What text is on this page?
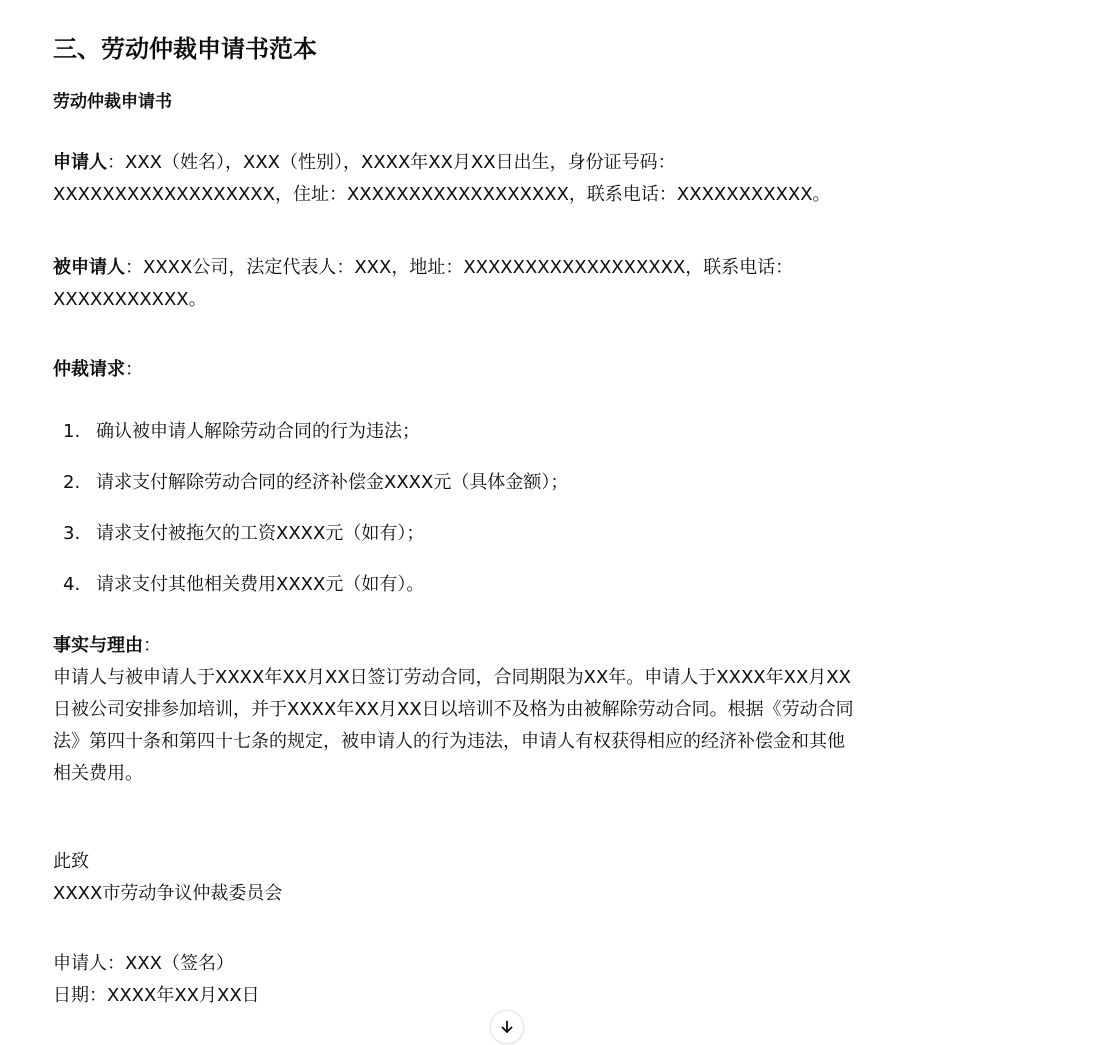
三、劳动仲裁申请书范本
劳动仲裁申请书
申请人：XXX（姓名），XXX（性别），XXXX年XX月XX日出生，身份证号码：
XXXXXXXXXXXXXXXXXX，住址：XXXXXXXXXXXXXXXXXX，联系电话：XXXXXXXXXXX。
被申请人：XXXX公司，法定代表人：XXX，地址：XXXXXXXXXXXXXXXXXX，联系电话：
XXXXXXXXXXX。
仲裁请求：
1. 确认被申请人解除劳动合同的行为违法；
2. 请求支付解除劳动合同的经济补偿金XXXX元（具体金额）；
3. 请求支付被拖欠的工资XXXX元（如有）；
4. 请求支付其他相关费用XXXX元（如有）。
事实与理由：
申请人与被申请人于XXXX年XX月XX日签订劳动合同，合同期限为XX年。申请人于XXXX年XX月XX
日被公司安排参加培训，并于XXXX年XX月XX日以培训不及格为由被解除劳动合同。根据《劳动合同
法》第四十条和第四十七条的规定，被申请人的行为违法，申请人有权获得相应的经济补偿金和其他
相关费用。
此致
XXXX市劳动争议仲裁委员会
申请人：XXX（签名）
日期：XXXX年XX月XX日
